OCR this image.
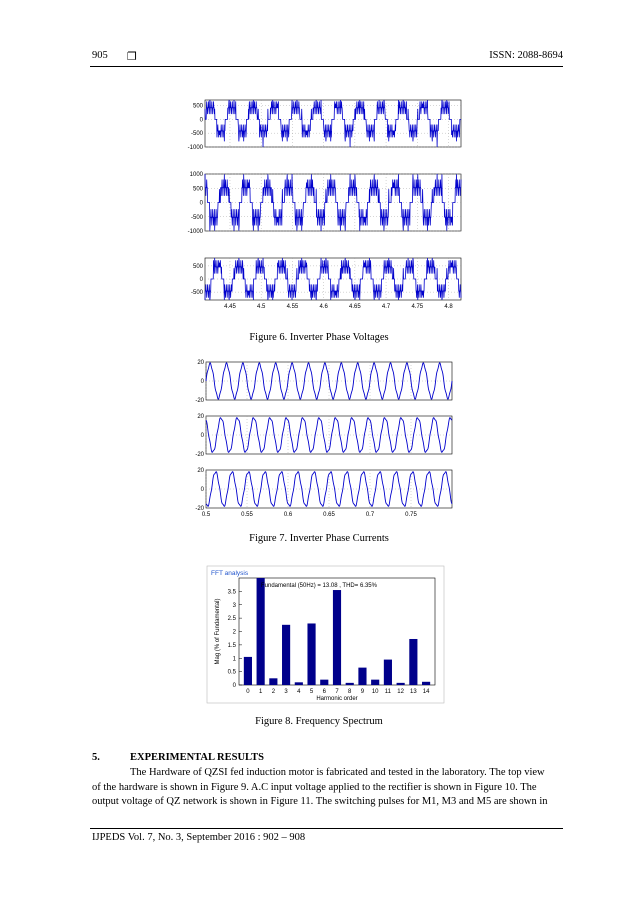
905 ❐	ISSN: 2088-8694
500
0
-500
-1000
1000
500
0
-500
-1000
4.45	4.5	4.55	4.6	4.65	4.7	4.75	4.8
500
0
-500
Figure 6. Inverter Phase Voltages
20
0
-20
20
0
-20
0.5	0.55	0.6	0.65	0.7	0.75
20
0
-20
Figure 7. Inverter Phase Currents
FFT analysis
0
0.5
1
1.5
2
2.5
3
3.5
0 1 2 3 4 5 6 7 8 9 10 11 12 13 14
Fundamental (50Hz) = 13.08 , THD= 6.35%
Harmonic order
Mag (% of Fundamental)
Figure 8. Frequency Spectrum
5.	EXPERIMENTAL RESULTS
The Hardware of QZSI fed induction motor is fabricated and tested in the laboratory. The top view
of the hardware is shown in Figure 9. A.C input voltage applied to the rectifier is shown in Figure 10. The
output voltage of QZ network is shown in Figure 11. The switching pulses for M1, M3 and M5 are shown in
IJPEDS Vol. 7, No. 3, September 2016 : 902 – 908
